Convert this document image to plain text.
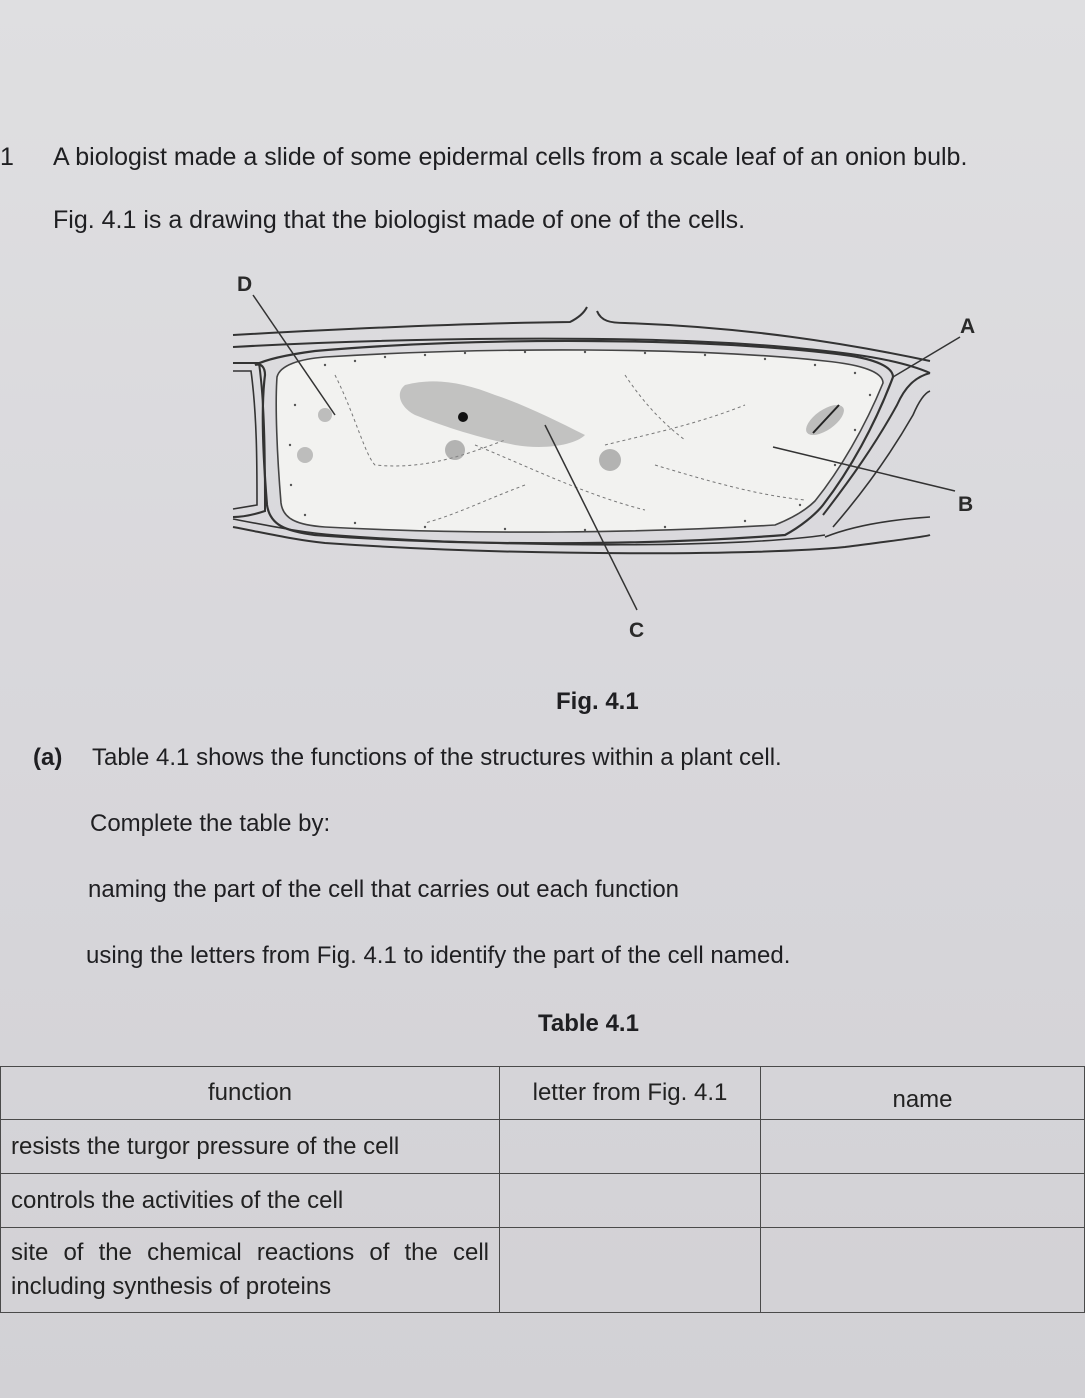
1 A biologist made a slide of some epidermal cells from a scale leaf of an onion bulb.

Fig. 4.1 is a drawing that the biologist made of one of the cells.

D
A
B
C

Fig. 4.1

(a) Table 4.1 shows the functions of the structures within a plant cell.

Complete the table by:

naming the part of the cell that carries out each function

using the letters from Fig. 4.1 to identify the part of the cell named.

Table 4.1

function	letter from Fig. 4.1	name
resists the turgor pressure of the cell		
controls the activities of the cell		

site of the chemical reactions of the cell including synthesis of proteins		
